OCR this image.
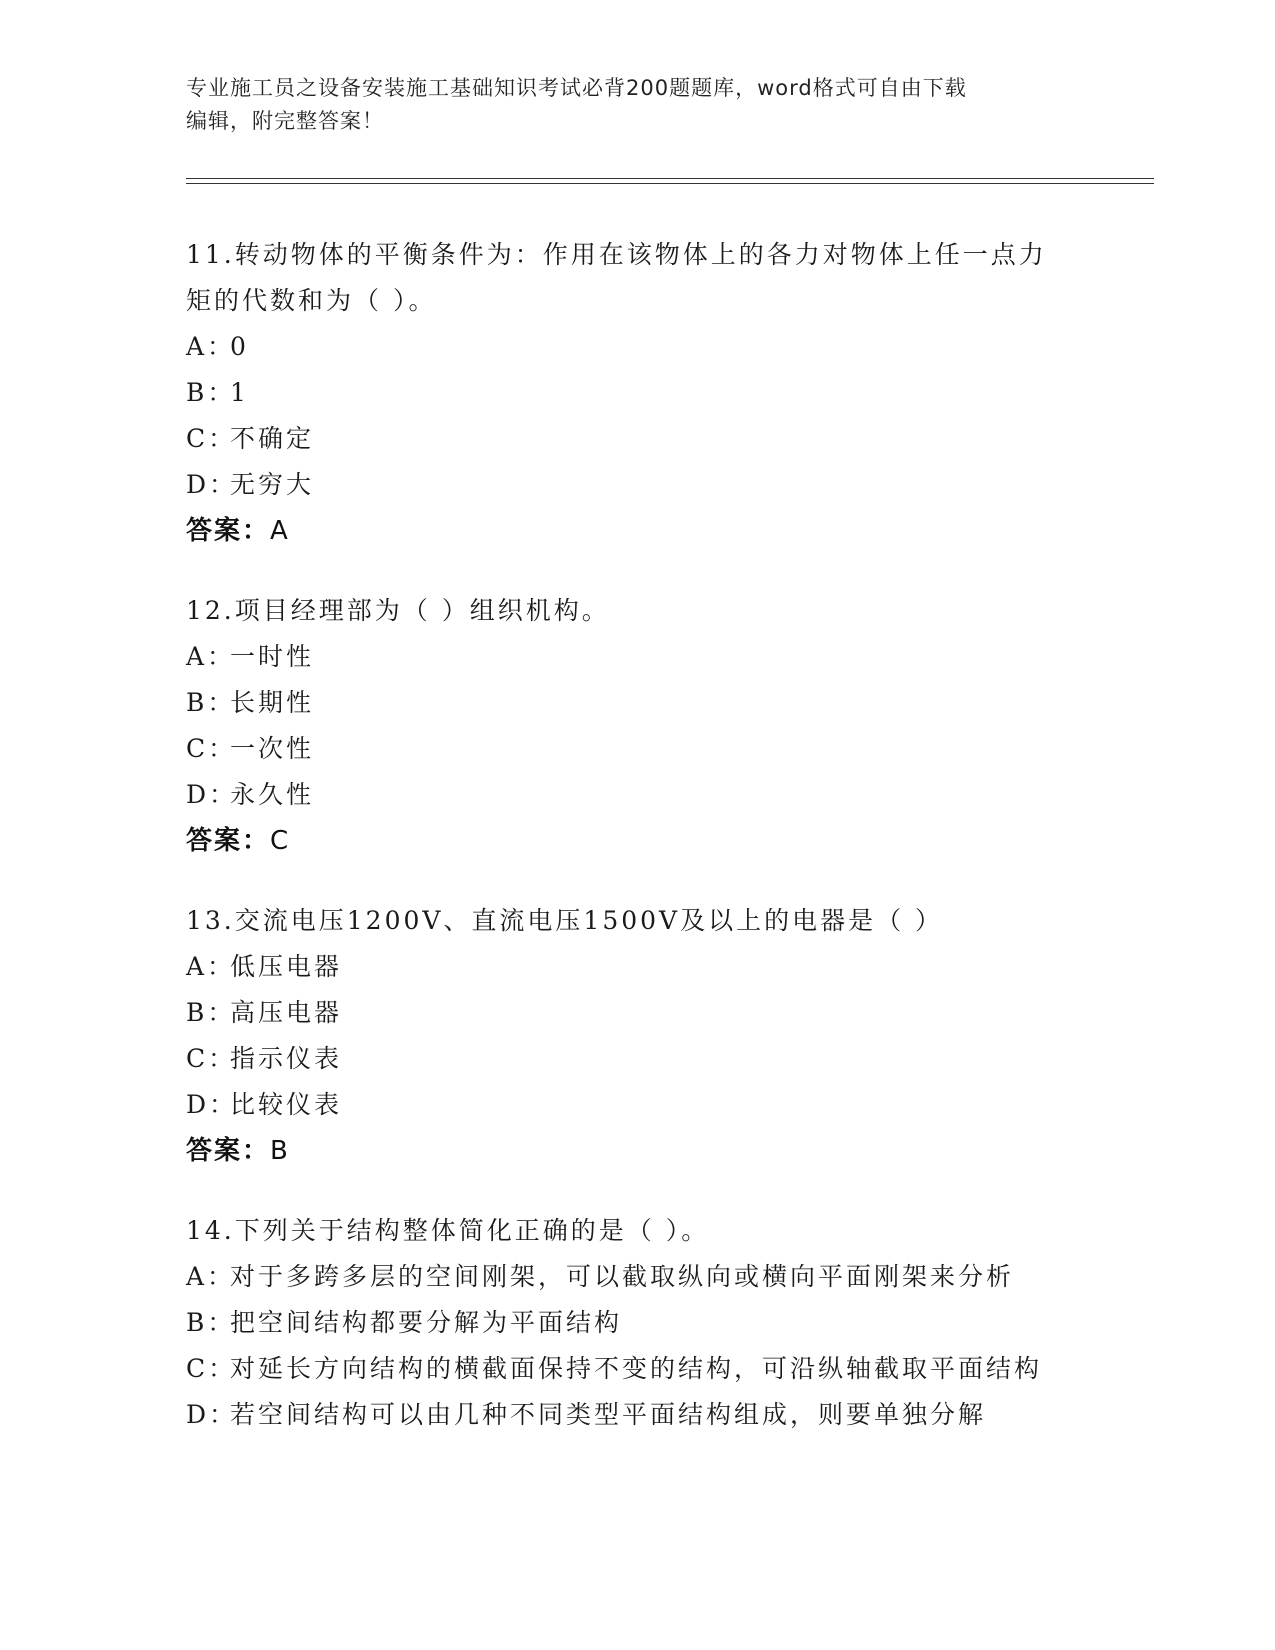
专业施工员之设备安装施工基础知识考试必背200题题库，word格式可自由下载
编辑，附完整答案！

11.转动物体的平衡条件为：作用在该物体上的各力对物体上任一点力

矩的代数和为（ ）。

A：
0
B：
1
C：
不确定
D：
无穷大

答案：A

12.项目经理部为（ ）组织机构。

A：
一时性
B：
长期性
C：
一次性
D：
永久性

答案：C

13.交流电压1200V、直流电压1500V及以上的电器是（ ）

A：
低压电器
B：
高压电器
C：
指示仪表
D：
比较仪表

答案：B

14.下列关于结构整体简化正确的是（ ）。

A：
对于多跨多层的空间刚架，可以截取纵向或横向平面刚架来分析
B：
把空间结构都要分解为平面结构
C：
对延长方向结构的横截面保持不变的结构，可沿纵轴截取平面结构
D：
若空间结构可以由几种不同类型平面结构组成，则要单独分解
